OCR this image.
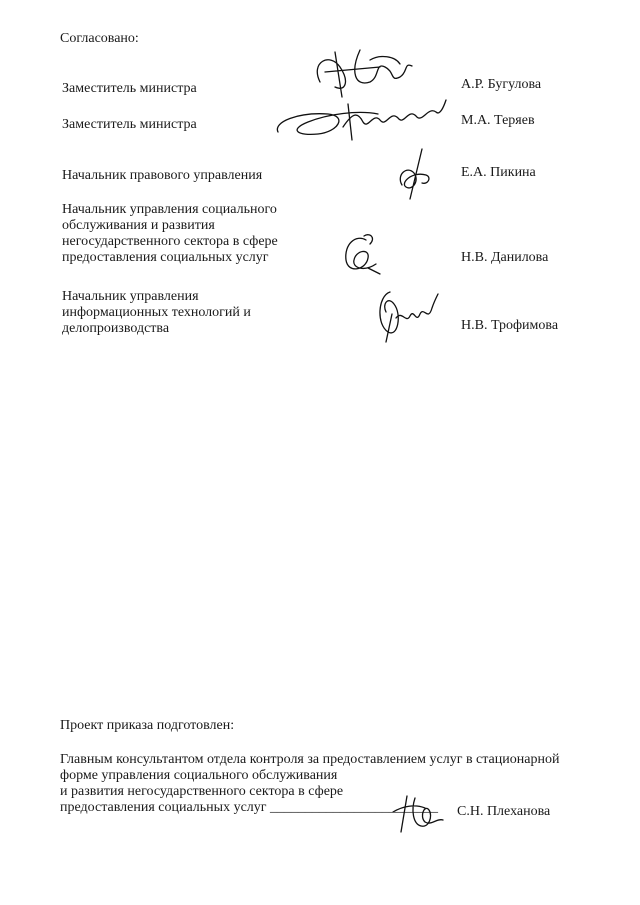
Согласовано:
Заместитель министра	А.Р. Бугулова
Заместитель министра	М.А. Теряев
Начальник правового управления	Е.А. Пикина
Начальник управления социального
обслуживания и развития
негосударственного сектора в сфере
предоставления социальных услуг	Н.В. Данилова
Начальник управления
информационных технологий и
делопроизводства	Н.В. Трофимова
Проект приказа подготовлен:
Главным консультантом отдела контроля за предоставлением услуг в стационарной
форме управления социального обслуживания
и развития негосударственного сектора в сфере
предоставления социальных услуг ________________________	С.Н. Плеханова
